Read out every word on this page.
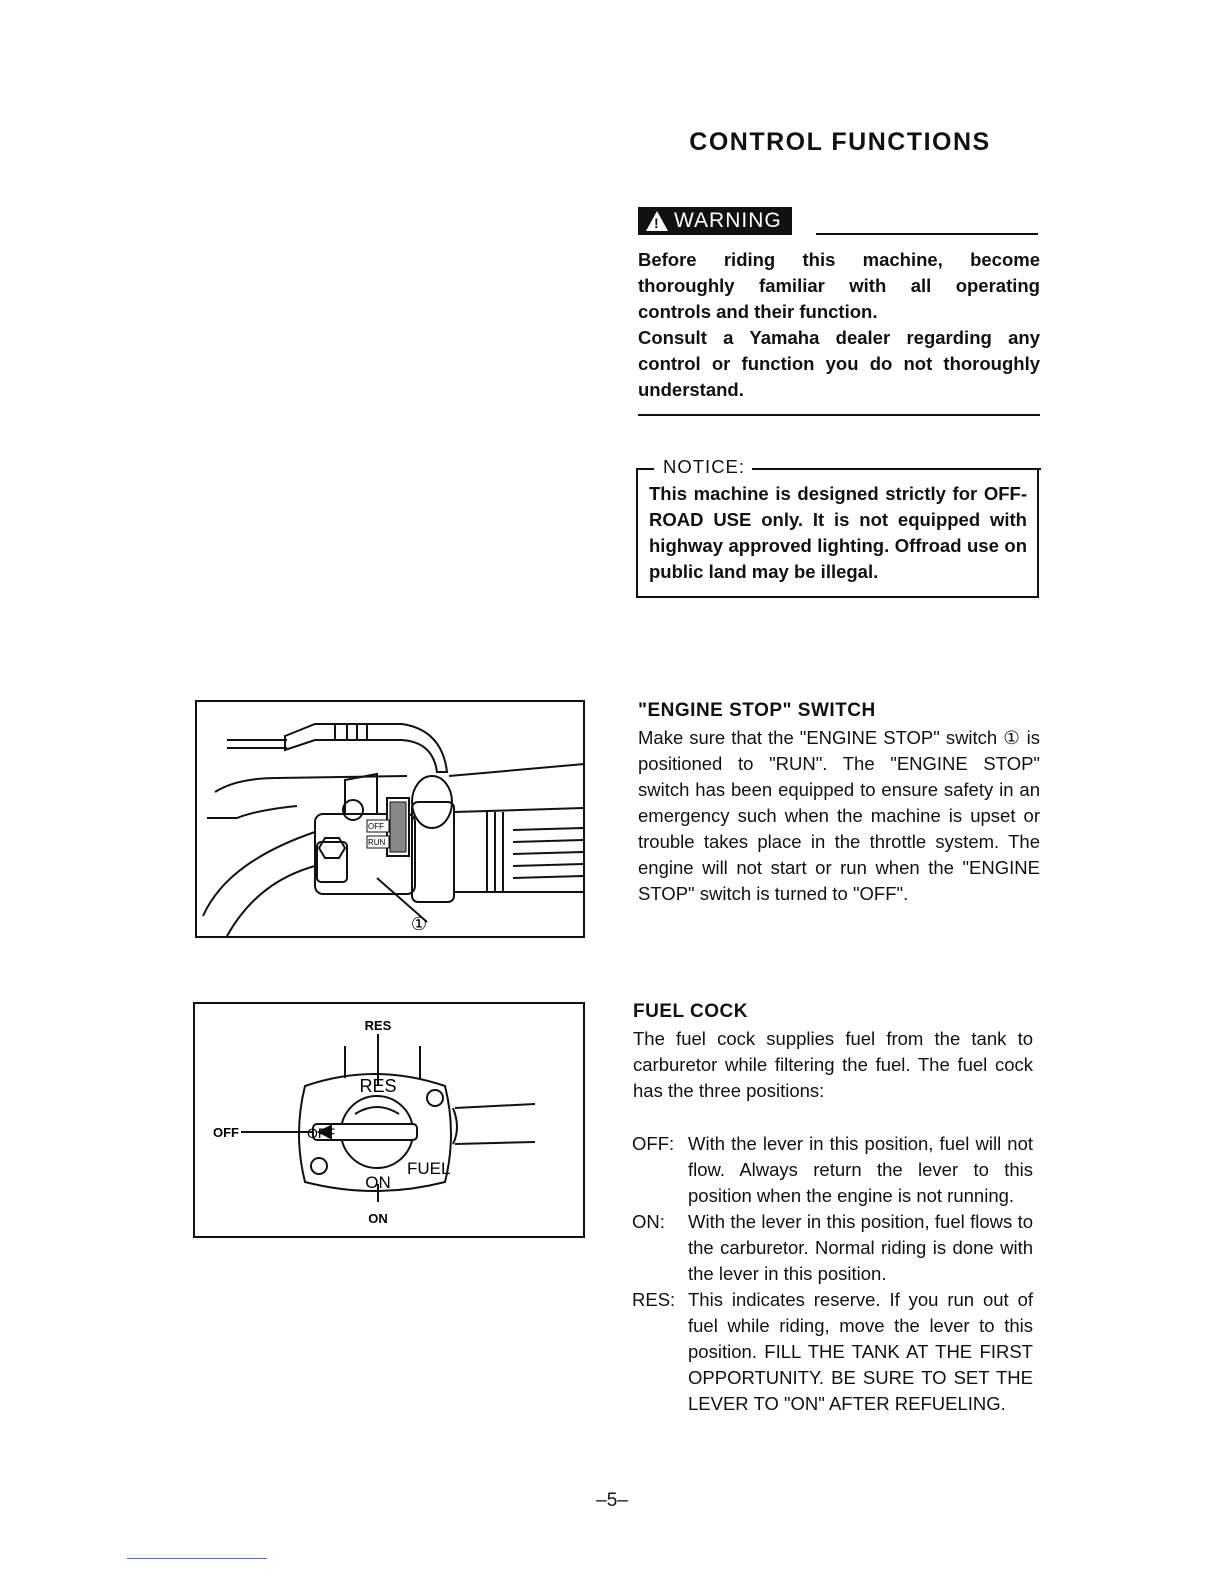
CONTROL FUNCTIONS
! WARNING

Before riding this machine, become thoroughly familiar with all operating controls and their function.

Consult a Yamaha dealer regarding any control or function you do not thoroughly understand.

NOTICE:
This machine is designed strictly for OFF-ROAD USE only. It is not equipped with highway approved lighting. Offroad use on public land may be illegal.
OFF
RUN
①
"ENGINE STOP" SWITCH
Make sure that the "ENGINE STOP" switch ① is positioned to "RUN". The "ENGINE STOP" switch has been equipped to ensure safety in an emergency such when the machine is upset or trouble takes place in the throttle system. The engine will not start or run when the "ENGINE STOP" switch is turned to "OFF".
RES
OFF
ON
RES
ON
FUEL
OFF
FUEL COCK
The fuel cock supplies fuel from the tank to carburetor while filtering the fuel. The fuel cock has the three positions:
OFF: With the lever in this position, fuel will not flow. Always return the lever to this position when the engine is not running.
ON:	With the lever in this position, fuel flows to the carburetor. Normal riding is done with the lever in this position.
RES: This indicates reserve. If you run out of fuel while riding, move the lever to this position. FILL THE TANK AT THE FIRST OPPORTUNITY. BE SURE TO SET THE LEVER TO "ON" AFTER REFUELING.
–5–
